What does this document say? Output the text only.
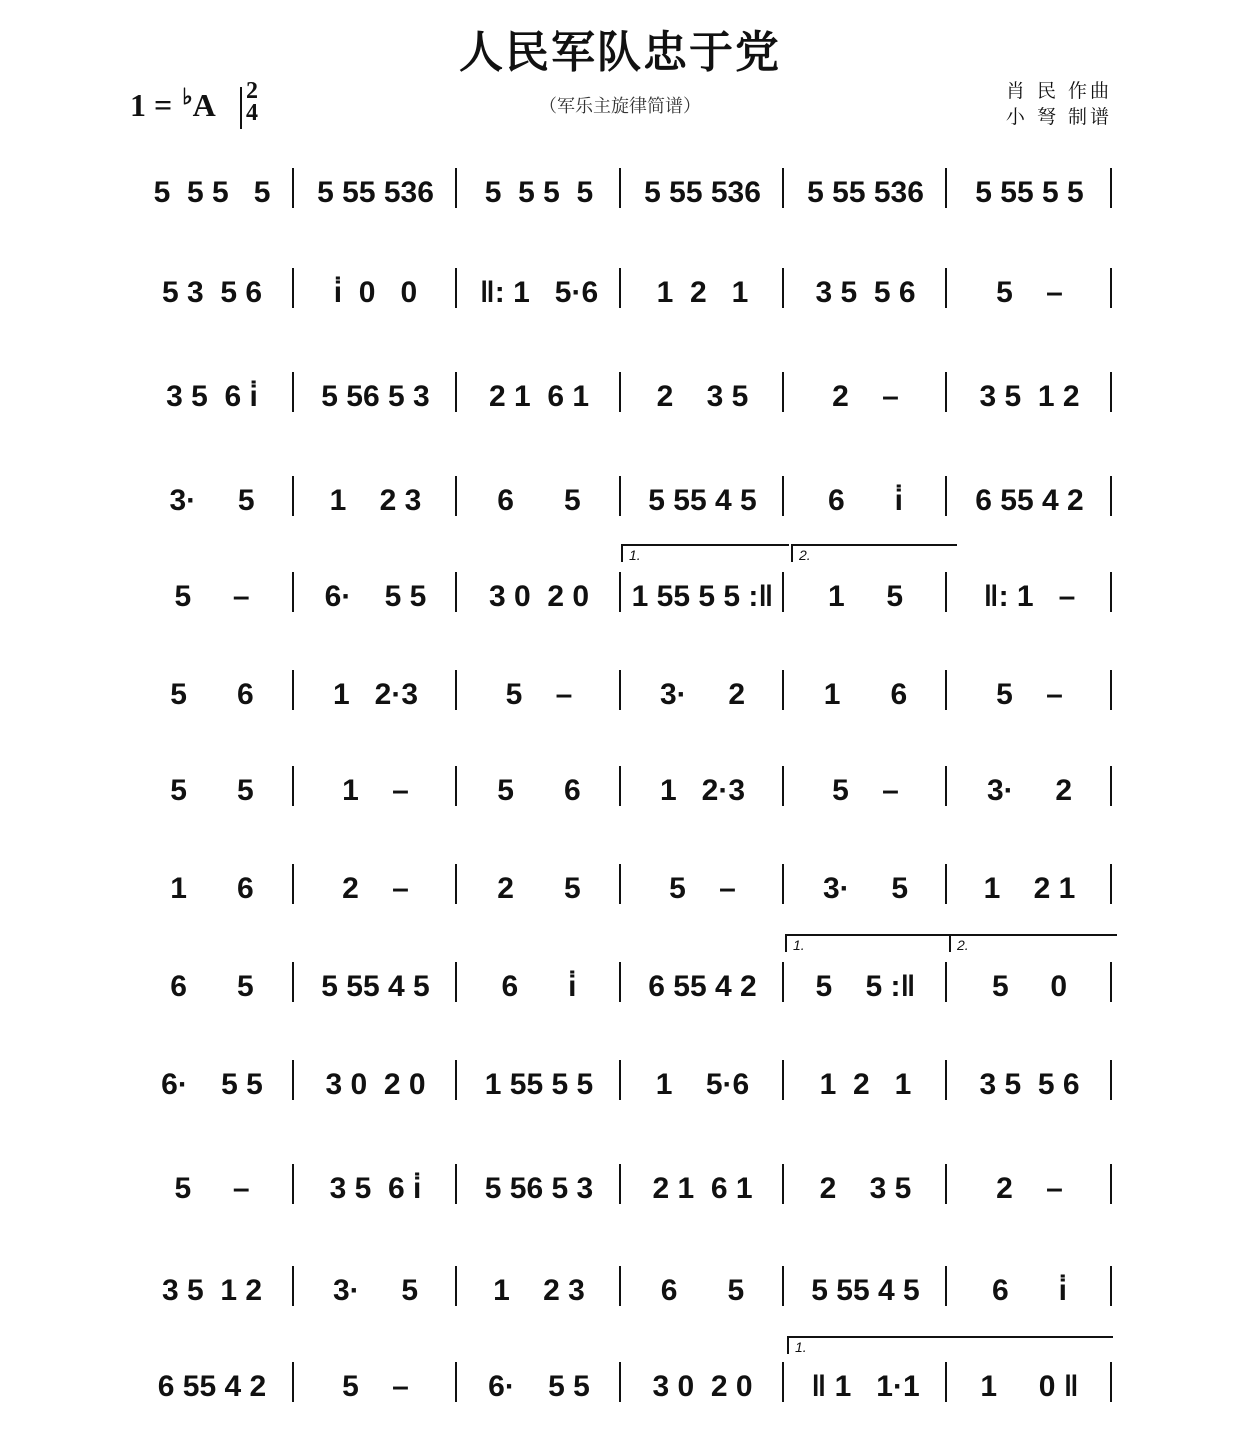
人民军队忠于党
（军乐主旋律简谱）
1 = ♭A	2
4
肖 民 作曲
小 弩 制谱
5  5 5   5	5 55 536	5  5 5  5	5 55 536	5 55 536	5 55 5 5
5 3  5 6	i̇  0   0	‖: 1   5·6	1  2   1	3 5  5 6	5    –
3 5  6 i̇	5 56 5 3	2 1  6 1	2    3 5	2    –	3 5  1 2
3·     5	1    2 3	6      5	5 55 4 5	6      i̇	6 55 4 2
5     –	6·    5 5	3 0  2 0	1 55 5 5 :‖	1     5	‖: 1   –
5      6	1   2·3	5    –	3·     2	1      6	5    –
5      5	1    –	5      6	1   2·3	5    –	3·     2
1      6	2    –	2      5	5    –	3·     5	1    2 1
6      5	5 55 4 5	6      i̇	6 55 4 2	5    5 :‖	5     0
6·    5 5	3 0  2 0	1 55 5 5	1    5·6	1  2   1	3 5  5 6
5     –	3 5  6 i̇	5 56 5 3	2 1  6 1	2    3 5	2    –
3 5  1 2	3·     5	1    2 3	6      5	5 55 4 5	6      i̇
6 55 4 2	5    –	6·    5 5	3 0  2 0	‖ 1   1·1	1     0 ‖
1.	2.
1.	2.
1.
